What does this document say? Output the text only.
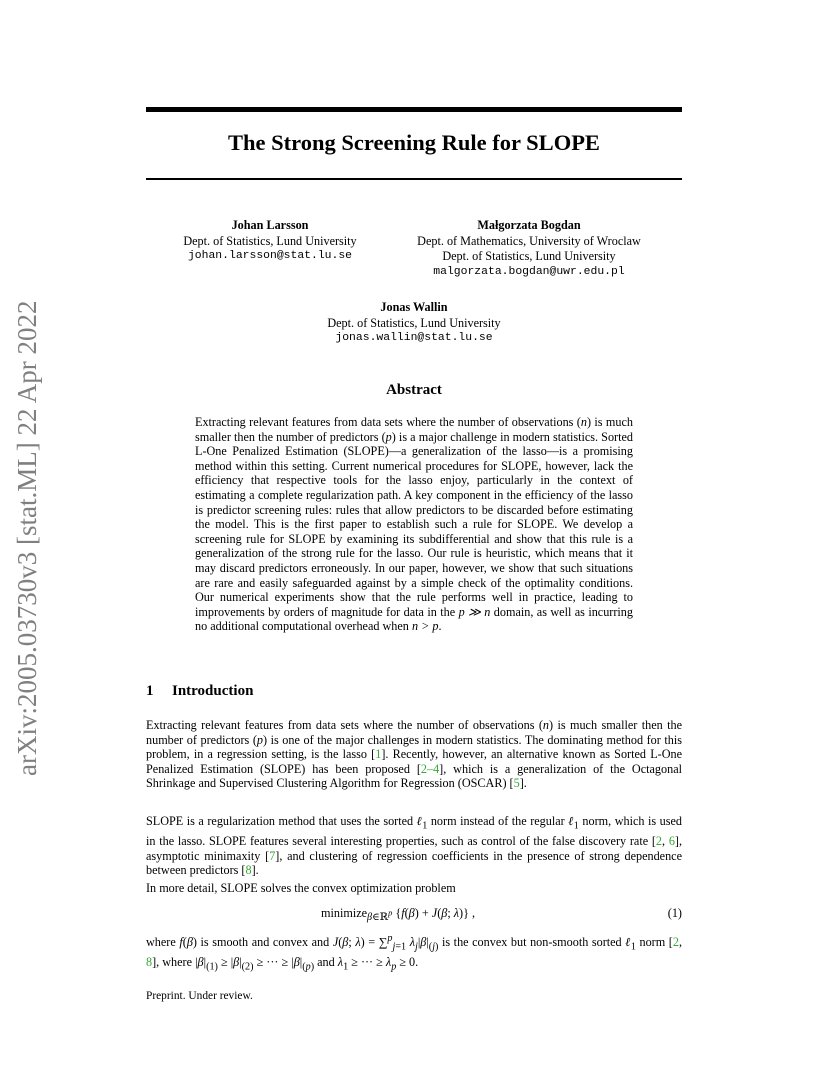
arXiv:2005.03730v3 [stat.ML] 22 Apr 2022
The Strong Screening Rule for SLOPE
Johan Larsson
Dept. of Statistics, Lund University
johan.larsson@stat.lu.se
Małgorzata Bogdan
Dept. of Mathematics, University of Wroclaw
Dept. of Statistics, Lund University
malgorzata.bogdan@uwr.edu.pl
Jonas Wallin
Dept. of Statistics, Lund University
jonas.wallin@stat.lu.se
Abstract
Extracting relevant features from data sets where the number of observations (n) is much smaller then the number of predictors (p) is a major challenge in modern statistics. Sorted L-One Penalized Estimation (SLOPE)—a generalization of the lasso—is a promising method within this setting. Current numerical procedures for SLOPE, however, lack the efficiency that respective tools for the lasso enjoy, particularly in the context of estimating a complete regularization path. A key component in the efficiency of the lasso is predictor screening rules: rules that allow predictors to be discarded before estimating the model. This is the first paper to establish such a rule for SLOPE. We develop a screening rule for SLOPE by examining its subdifferential and show that this rule is a generalization of the strong rule for the lasso. Our rule is heuristic, which means that it may discard predictors erroneously. In our paper, however, we show that such situations are rare and easily safeguarded against by a simple check of the optimality conditions. Our numerical experiments show that the rule performs well in practice, leading to improvements by orders of magnitude for data in the p ≫ n domain, as well as incurring no additional computational overhead when n > p.
1 Introduction
Extracting relevant features from data sets where the number of observations (n) is much smaller then the number of predictors (p) is one of the major challenges in modern statistics. The dominating method for this problem, in a regression setting, is the lasso [1]. Recently, however, an alternative known as Sorted L-One Penalized Estimation (SLOPE) has been proposed [2–4], which is a generalization of the Octagonal Shrinkage and Supervised Clustering Algorithm for Regression (OSCAR) [5].
SLOPE is a regularization method that uses the sorted ℓ$_1$ norm instead of the regular ℓ$_1$ norm, which is used in the lasso. SLOPE features several interesting properties, such as control of the false discovery rate [2, 6], asymptotic minimaxity [7], and clustering of regression coefficients in the presence of strong dependence between predictors [8].
In more detail, SLOPE solves the convex optimization problem
minimize$_{\beta\in ℝ^p}$ {f(β) + J(β; λ)} ,	(1)
where f(β) is smooth and convex and J(β; λ) = ∑$^p_{j=1}$ $\lambda_j|\beta|_{(j)}$ is the convex but non-smooth sorted ℓ$_1$ norm [2, 8], where $|\beta|_{(1)} \ge |\beta|_{(2)}$ ≥ ··· ≥ $|\beta|_{(p)}$ and $\lambda_1$ ≥ ··· ≥ $\lambda_p \ge 0$.
Preprint. Under review.
